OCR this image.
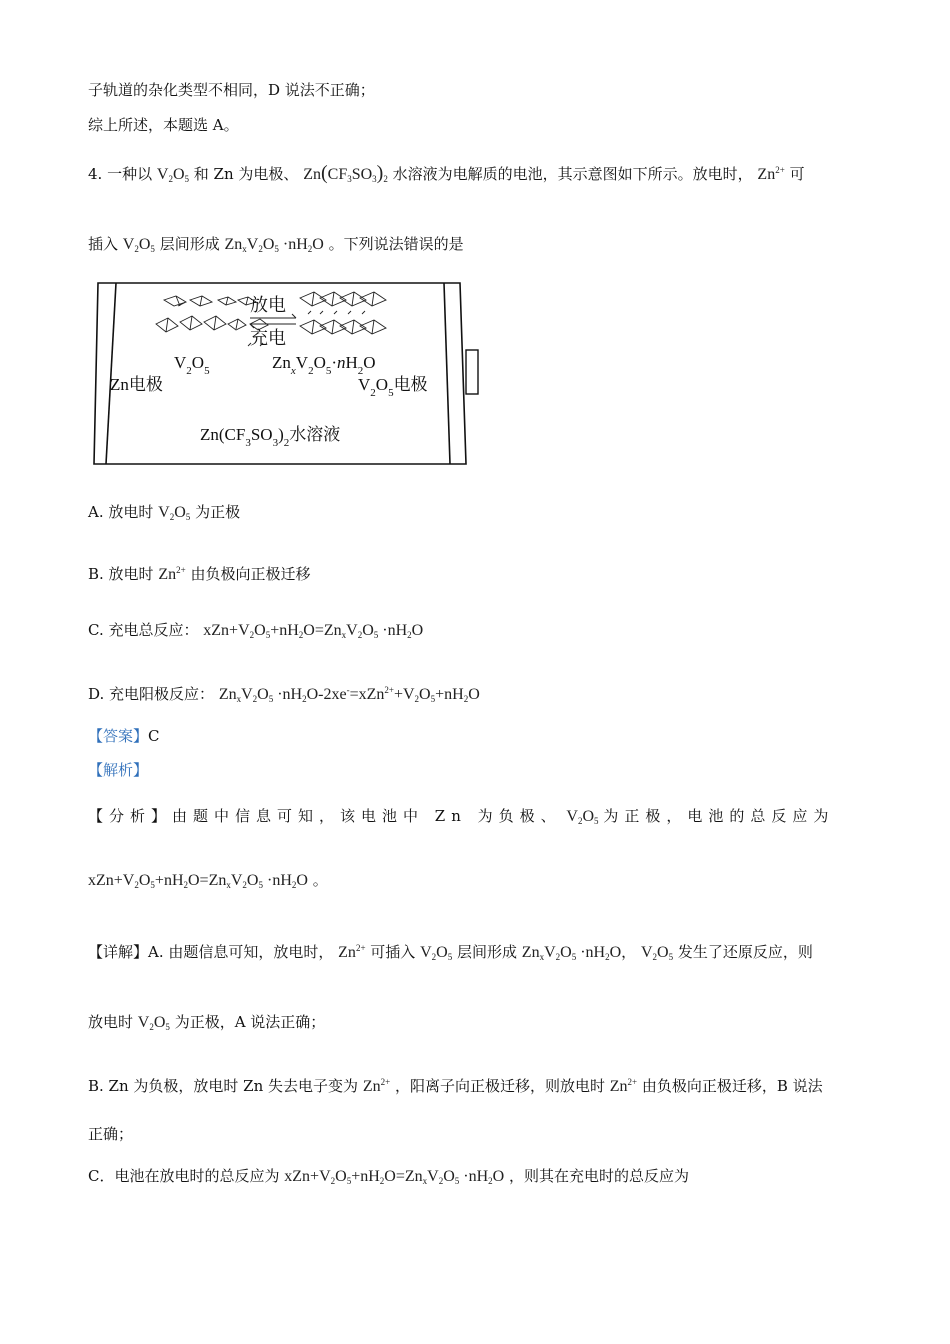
子轨道的杂化类型不相同，D 说法不正确；
综上所述，本题选 A。
4. 一种以 $V_2O_5$ 和 Zn 为电极、 $Zn(CF_3SO_3)_2$ 水溶液为电解质的电池，其示意图如下所示。放电时， $Zn^{2+}$ 可
插入 $V_2O_5$ 层间形成 $Zn_xV_2O_5 \cdot nH_2O$ 。下列说法错误的是
放电
充电
$V_2O_5$	$Zn_xV_2O_5\cdot nH_2O$
Zn电极	$V_2O_5$电极
$Zn(CF_3SO_3)_2$水溶液
A. 放电时 $V_2O_5$ 为正极
B. 放电时 $Zn^{2+}$ 由负极向正极迁移
C. 充电总反应： $xZn+V_2O_5+nH_2O=Zn_xV_2O_5 \cdot nH_2O$
D. 充电阳极反应： $Zn_xV_2O_5 \cdot nH_2O-2xe^-=xZn^{2+}+V_2O_5+nH_2O$
【答案】C
【解析】
【分析】由题中信息可知，该电池中 Zn 为负极、 $V_2O_5$ 为正极，电池的总反应为
$xZn+V_2O_5+nH_2O=Zn_xV_2O_5 \cdot nH_2O$ 。
【详解】A. 由题信息可知，放电时， $Zn^{2+}$ 可插入 $V_2O_5$ 层间形成 $Zn_xV_2O_5 \cdot nH_2O$， $V_2O_5$ 发生了还原反应，则
放电时 $V_2O_5$ 为正极，A 说法正确；
B. Zn 为负极，放电时 Zn 失去电子变为 $Zn^{2+}$ ，阳离子向正极迁移，则放电时 $Zn^{2+}$ 由负极向正极迁移，B 说法
正确；
C．电池在放电时的总反应为 $xZn+V_2O_5+nH_2O=Zn_xV_2O_5 \cdot nH_2O$ ，则其在充电时的总反应为
